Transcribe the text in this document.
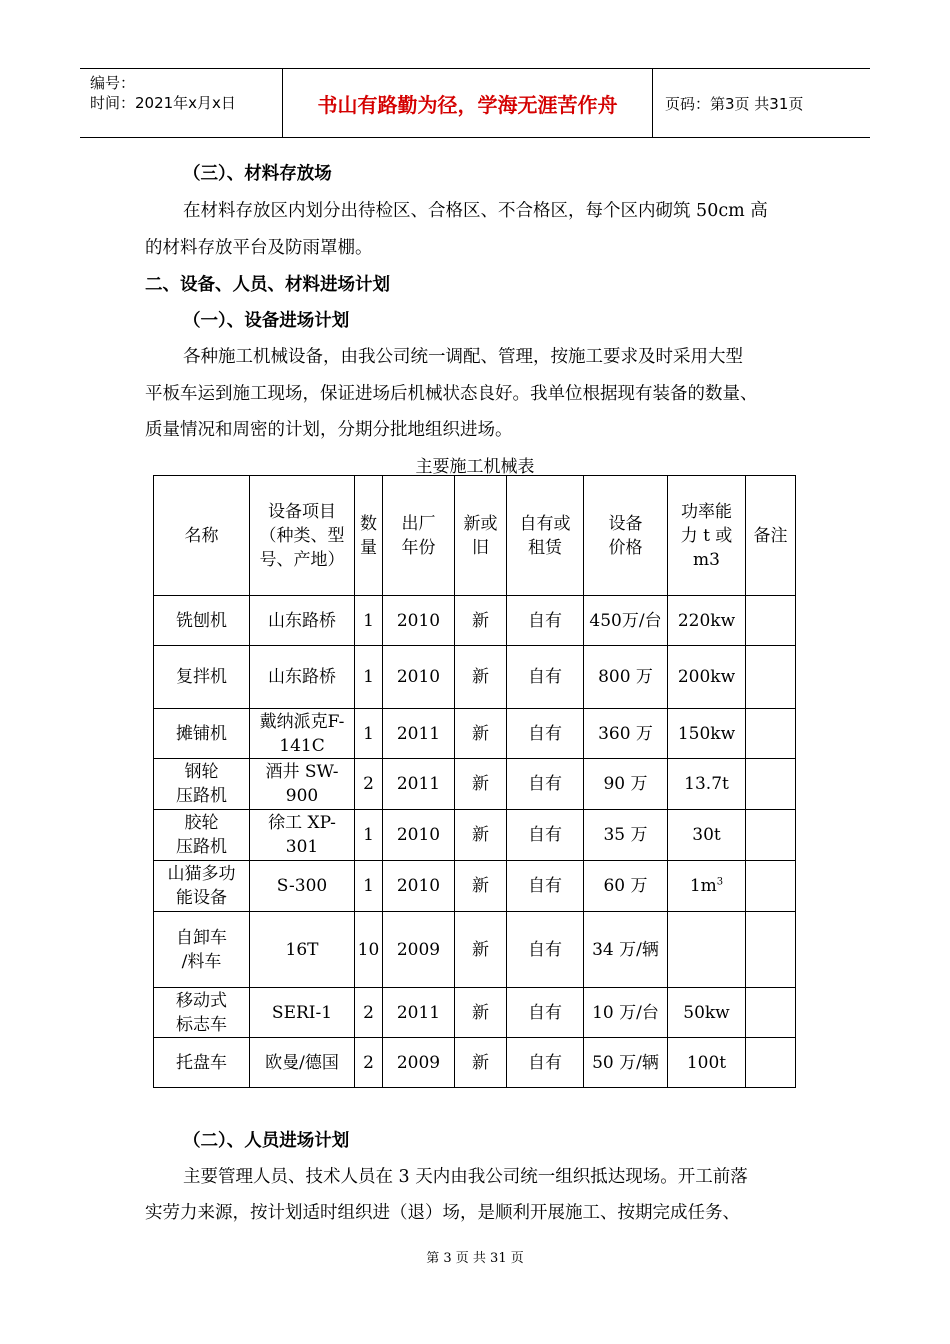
编号：
时间：2021年x月x日	书山有路勤为径，学海无涯苦作舟	页码：第3页 共31页
（三）、材料存放场
在材料存放区内划分出待检区、合格区、不合格区，每个区内砌筑 50cm 高
的材料存放平台及防雨罩棚。
二、设备、人员、材料进场计划
（一）、设备进场计划
各种施工机械设备，由我公司统一调配、管理，按施工要求及时采用大型
平板车运到施工现场，保证进场后机械状态良好。我单位根据现有装备的数量、
质量情况和周密的计划，分期分批地组织进场。
主要施工机械表
名称	设备项目
（种类、型
号、产地）	数
量	出厂
年份	新或
旧	自有或
租赁	设备
价格	功率能
力 t 或
m3	备注
铣刨机	山东路桥	1	2010	新	自有	450万/台	220kw	
复拌机	山东路桥	1	2010	新	自有	800 万	200kw	
摊铺机	戴纳派克F-
141C	1	2011	新	自有	360 万	150kw	
钢轮
压路机	酒井 SW-
900	2	2011	新	自有	90 万	13.7t	
胶轮
压路机	徐工 XP-
301	1	2010	新	自有	35 万	30t	
山猫多功
能设备	S-300	1	2010	新	自有	60 万	$1m^3$	
自卸车
/料车	16T	10	2009	新	自有	34 万/辆		
移动式
标志车	SERI-1	2	2011	新	自有	10 万/台	50kw	
托盘车	欧曼/德国	2	2009	新	自有	50 万/辆	100t	
（二）、人员进场计划
主要管理人员、技术人员在 3 天内由我公司统一组织抵达现场。开工前落
实劳力来源，按计划适时组织进（退）场，是顺利开展施工、按期完成任务、
第 3 页 共 31 页
